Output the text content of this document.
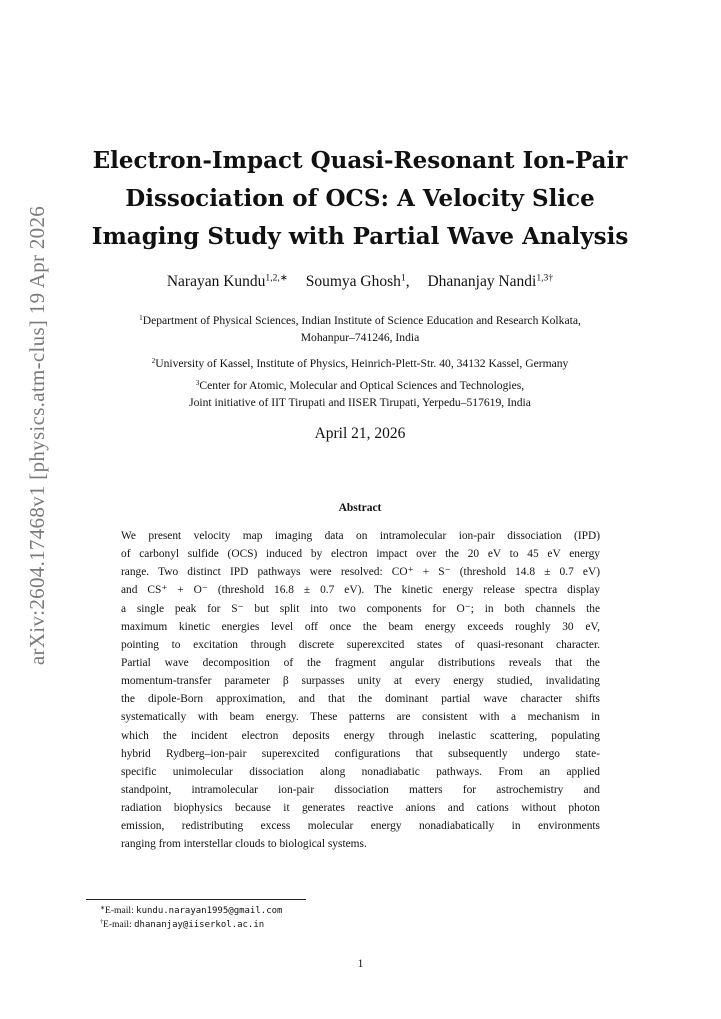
arXiv:2604.17468v1 [physics.atm-clus] 19 Apr 2026
Electron-Impact Quasi-Resonant Ion-Pair
Dissociation of OCS: A Velocity Slice
Imaging Study with Partial Wave Analysis
Narayan Kundu$^{1,2,∗}$ Soumya Ghosh$^1$, Dhananjay Nandi$^{1,3\dagger}$
$^1$Department of Physical Sciences, Indian Institute of Science Education and Research Kolkata,
Mohanpur–741246, India
$^2$University of Kassel, Institute of Physics, Heinrich-Plett-Str. 40, 34132 Kassel, Germany
$^3$Center for Atomic, Molecular and Optical Sciences and Technologies,
Joint initiative of IIT Tirupati and IISER Tirupati, Yerpedu–517619, India
April 21, 2026
Abstract
We present velocity map imaging data on intramolecular ion-pair dissociation (IPD)
of carbonyl sulfide (OCS) induced by electron impact over the 20 eV to 45 eV energy
range. Two distinct IPD pathways were resolved: CO⁺ + S⁻ (threshold 14.8 ± 0.7 eV)
and CS⁺ + O⁻ (threshold 16.8 ± 0.7 eV). The kinetic energy release spectra display
a single peak for S⁻ but split into two components for O⁻; in both channels the
maximum kinetic energies level off once the beam energy exceeds roughly 30 eV,
pointing to excitation through discrete superexcited states of quasi-resonant character.
Partial wave decomposition of the fragment angular distributions reveals that the
momentum-transfer parameter β surpasses unity at every energy studied, invalidating
the dipole-Born approximation, and that the dominant partial wave character shifts
systematically with beam energy. These patterns are consistent with a mechanism in
which the incident electron deposits energy through inelastic scattering, populating
hybrid Rydberg–ion-pair superexcited configurations that subsequently undergo state-
specific unimolecular dissociation along nonadiabatic pathways. From an applied
standpoint, intramolecular ion-pair dissociation matters for astrochemistry and
radiation biophysics because it generates reactive anions and cations without photon
emission, redistributing excess molecular energy nonadiabatically in environments
ranging from interstellar clouds to biological systems.
∗E-mail: kundu.narayan1995@gmail.com
†E-mail: dhananjay@iiserkol.ac.in
1
